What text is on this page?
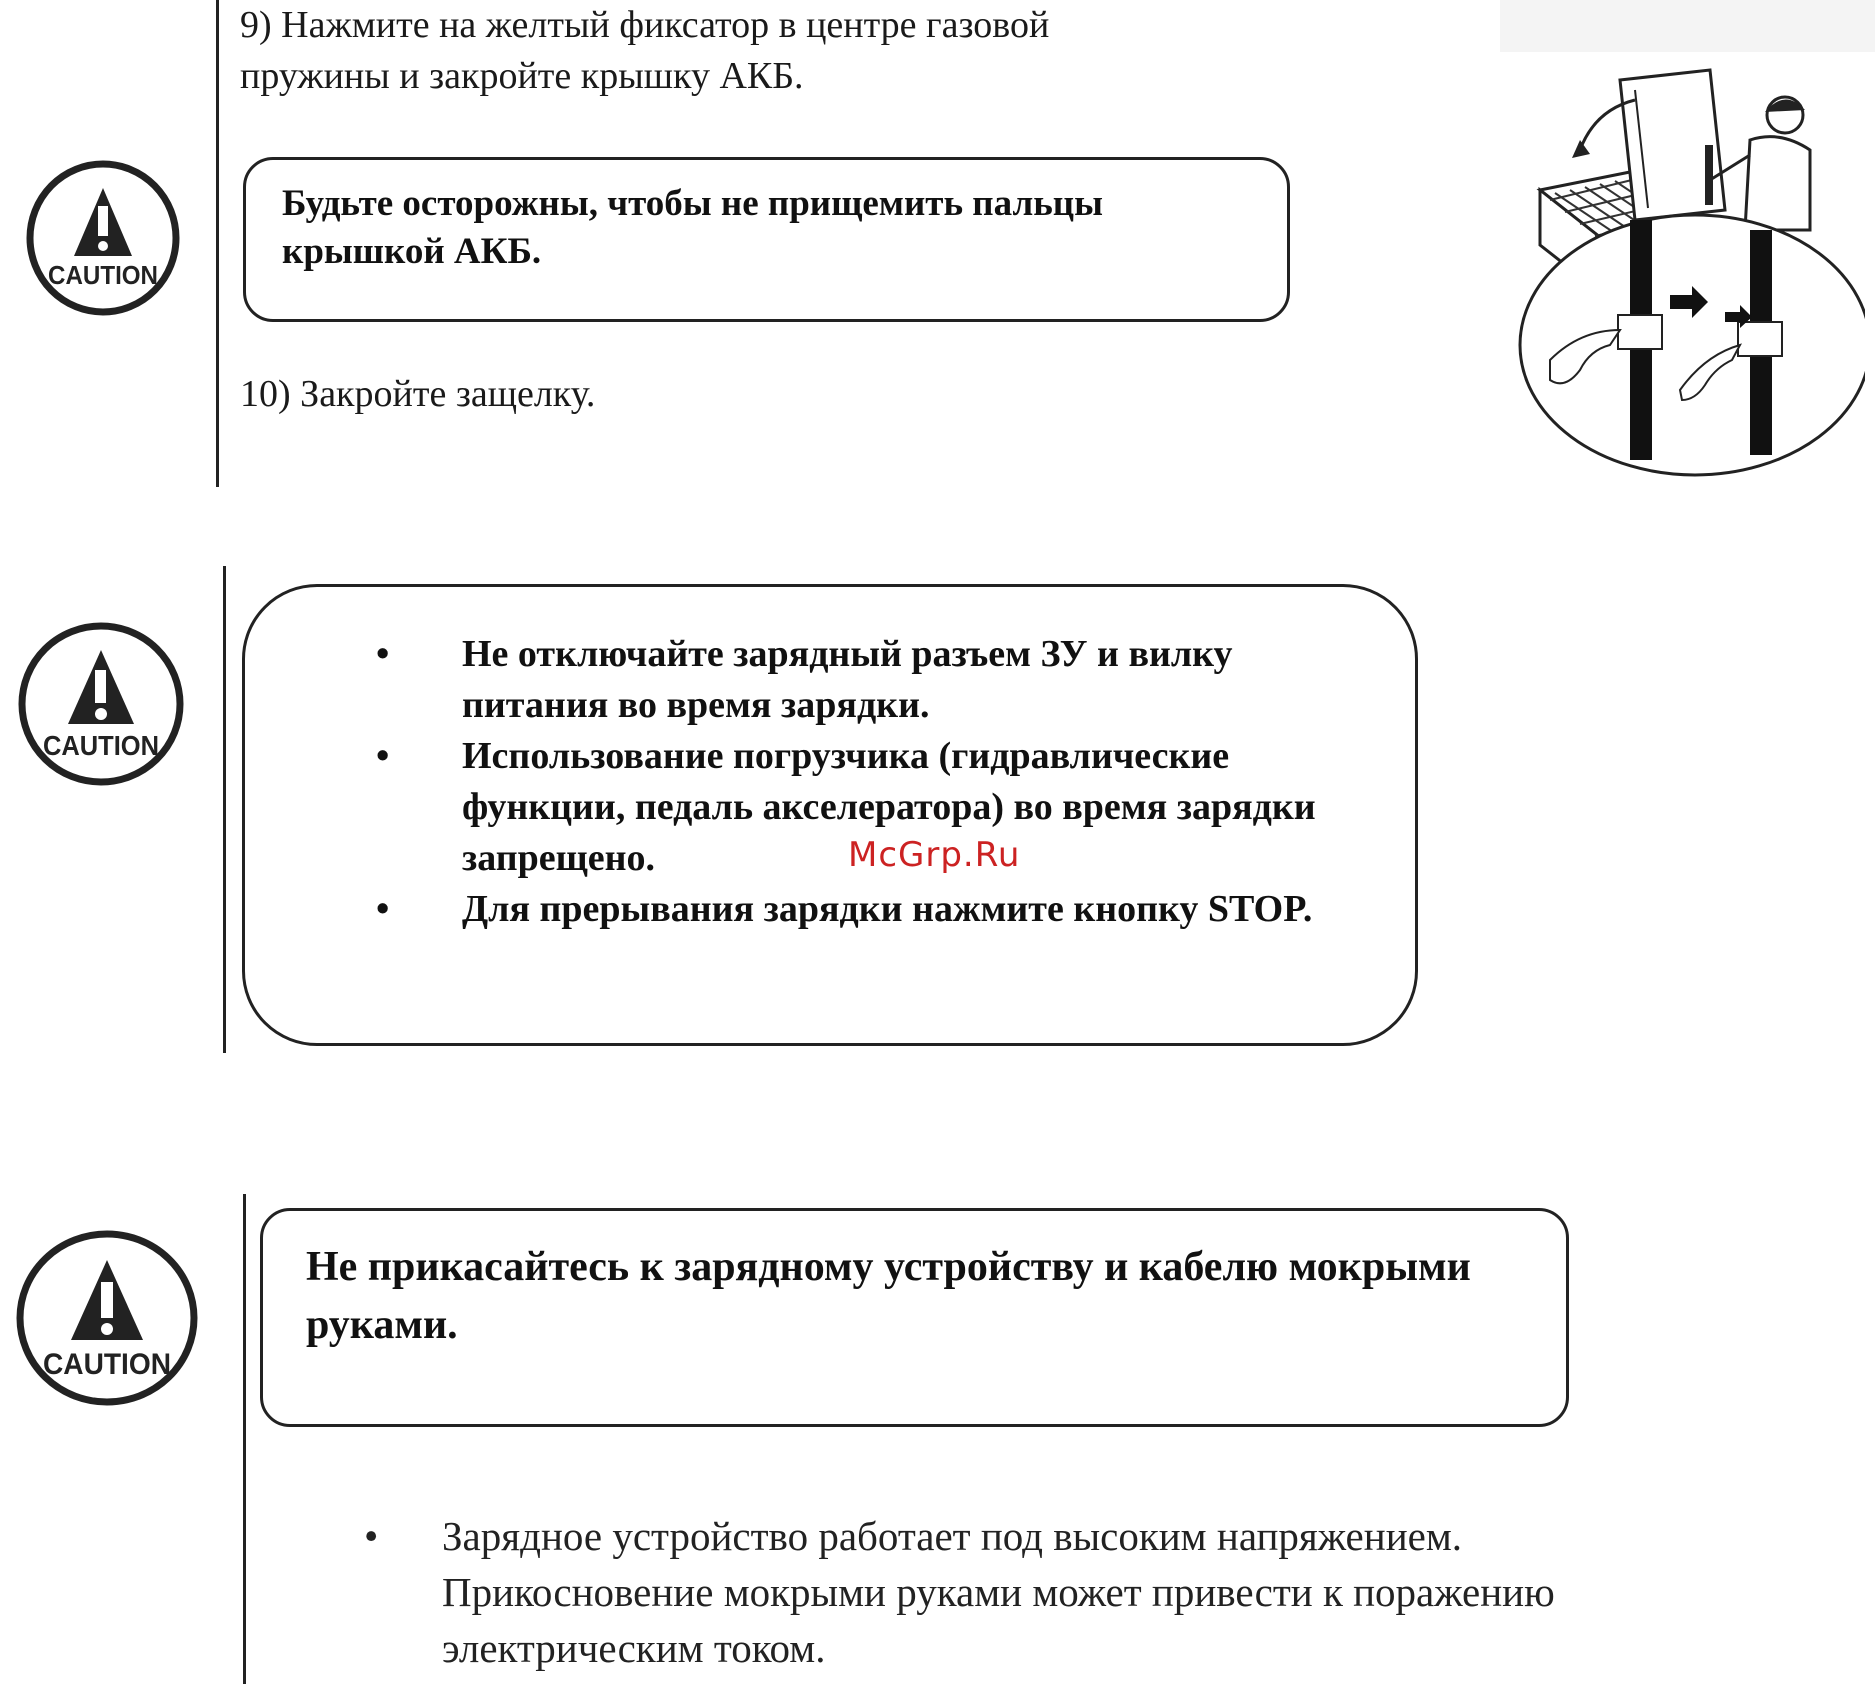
CAUTION
9) Нажмите на желтый фиксатор в центре газовой пружины и закройте крышку АКБ.
Будьте осторожны, чтобы не прищемить пальцы крышкой АКБ.
10) Закройте защелку.
CAUTION
• Не отключайте зарядный разъем ЗУ и вилку питания во время зарядки.
• Использование погрузчика (гидравлические функции, педаль акселератора) во время зарядки запрещено.
• Для прерывания зарядки нажмите кнопку STOP.
McGrp.Ru
CAUTION
Не прикасайтесь к зарядному устройству и кабелю мокрыми руками.
• Зарядное устройство работает под высоким напряжением. Прикосновение мокрыми руками может привести к поражению электрическим током.
